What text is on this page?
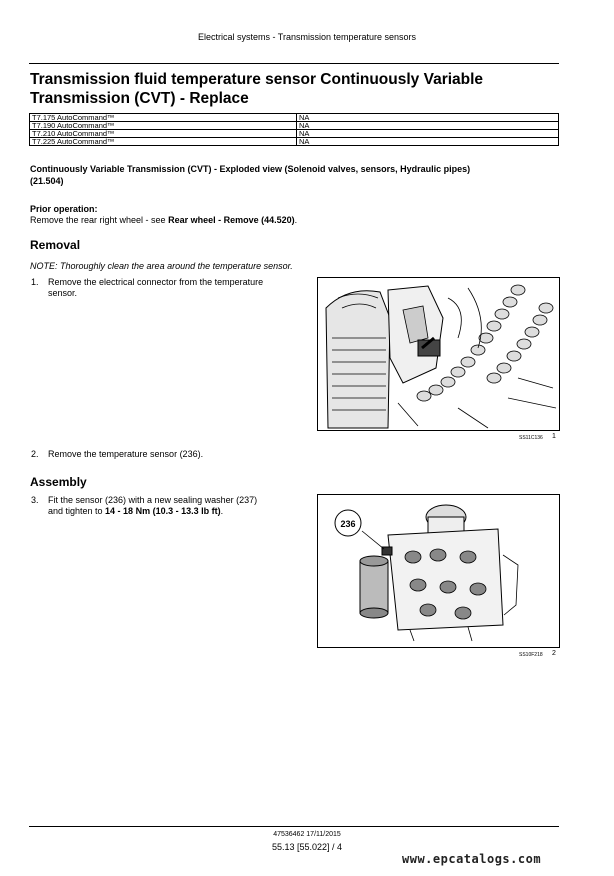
Electrical systems - Transmission temperature sensors
Transmission fluid temperature sensor Continuously Variable Transmission (CVT) - Replace
T7.175 AutoCommand™	NA
T7.190 AutoCommand™	NA
T7.210 AutoCommand™	NA
T7.225 AutoCommand™	NA
Continuously Variable Transmission (CVT) - Exploded view (Solenoid valves, sensors, Hydraulic pipes)
(21.504)
Prior operation:
Remove the rear right wheel - see Rear wheel - Remove (44.520).
Removal
NOTE: Thoroughly clean the area around the temperature sensor.
1. Remove the electrical connector from the temperature
sensor.
SS11C136 1
2. Remove the temperature sensor (236).
Assembly
3. Fit the sensor (236) with a new sealing washer (237)
and tighten to 14 - 18 Nm (10.3 - 13.3 lb ft).
236
SS10F218 2
47536462 17/11/2015
55.13 [55.022] / 4
www.epcatalogs.com
